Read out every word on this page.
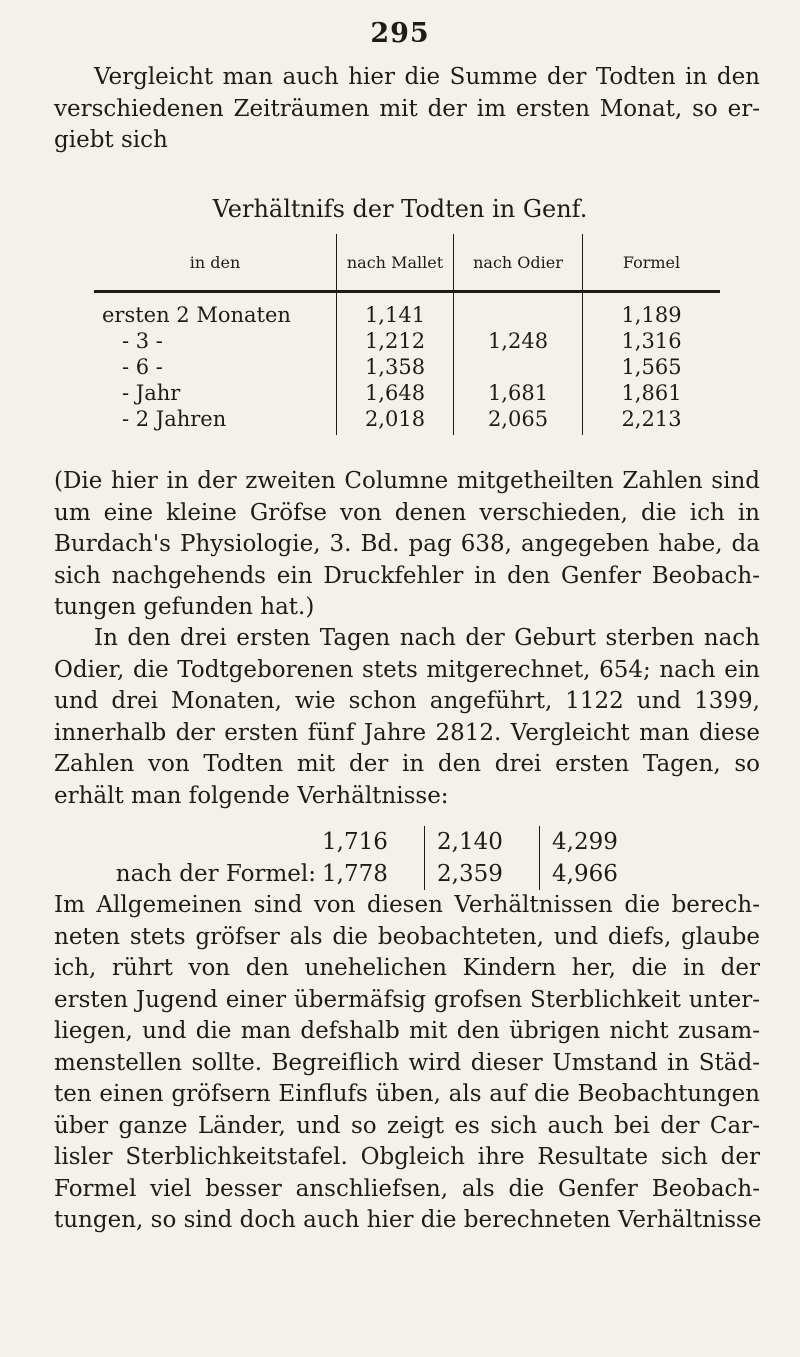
295
Vergleicht man auch hier die Summe der Todten in den
verschiedenen Zeiträumen mit der im ersten Monat, so er-
giebt sich
Verhältnifs der Todten in Genf.
in den	nach Mallet	nach Odier	Formel
ersten 2 Monaten	1,141		1,189
- 3 -	1,212	1,248	1,316
- 6 -	1,358		1,565
- Jahr	1,648	1,681	1,861
- 2 Jahren	2,018	2,065	2,213
(Die hier in der zweiten Columne mitgetheilten Zahlen sind
um eine kleine Gröfse von denen verschieden, die ich in
Burdach's Physiologie, 3. Bd. pag 638, angegeben habe, da
sich nachgehends ein Druckfehler in den Genfer Beobach-
tungen gefunden hat.)
In den drei ersten Tagen nach der Geburt sterben nach
Odier, die Todtgeborenen stets mitgerechnet, 654; nach ein
und drei Monaten, wie schon angeführt, 1122 und 1399,
innerhalb der ersten fünf Jahre 2812. Vergleicht man diese
Zahlen von Todten mit der in den drei ersten Tagen, so
erhält man folgende Verhältnisse:
	1,716	2,140	4,299
nach der Formel:	1,778	2,359	4,966
Im Allgemeinen sind von diesen Verhältnissen die berech-
neten stets gröfser als die beobachteten, und diefs, glaube
ich, rührt von den unehelichen Kindern her, die in der
ersten Jugend einer übermäfsig grofsen Sterblichkeit unter-
liegen, und die man defshalb mit den übrigen nicht zusam-
menstellen sollte. Begreiflich wird dieser Umstand in Städ-
ten einen gröfsern Einflufs üben, als auf die Beobachtungen
über ganze Länder, und so zeigt es sich auch bei der Car-
lisler Sterblichkeitstafel. Obgleich ihre Resultate sich der
Formel viel besser anschliefsen, als die Genfer Beobach-
tungen, so sind doch auch hier die berechneten Verhältnisse
